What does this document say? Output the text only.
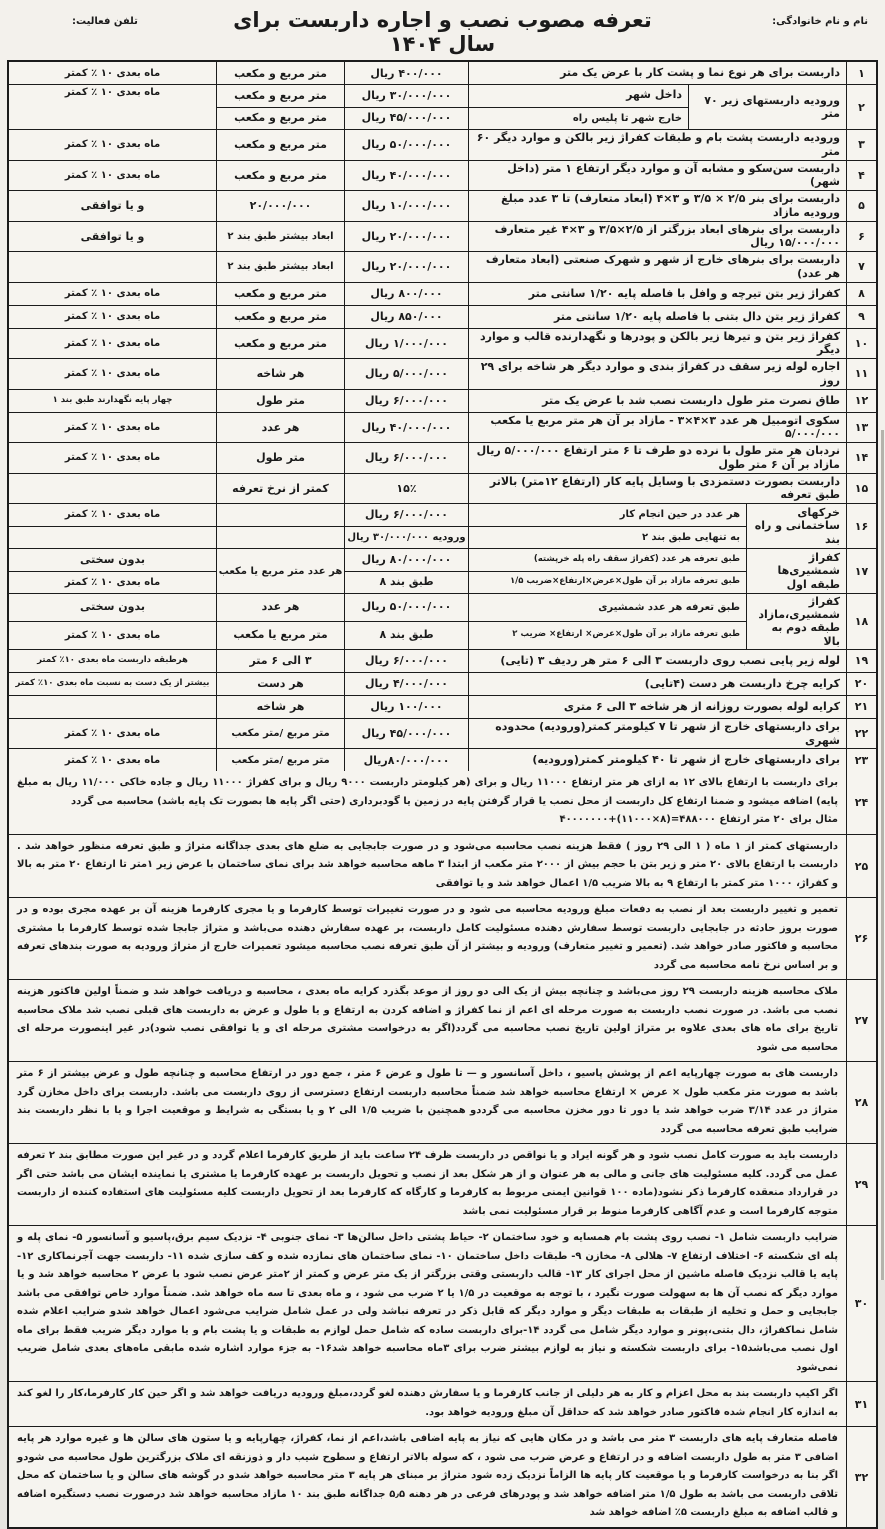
نام و نام خانوادگی:
تعرفه مصوب نصب و اجاره داربست برای سال ۱۴۰۴
تلفن فعالیت:
۱
داربست برای هر نوع نما و پشت کار با عرض یک متر
۴۰۰/۰۰۰ ریال
متر مربع و مکعب
ماه بعدی ۱۰ ٪ کمتر
۲
ورودیه داربستهای زیر ۷۰ متر
داخل شهر
خارج شهر تا پلیس راه
۳۰/۰۰۰/۰۰۰ ریال
۴۵/۰۰۰/۰۰۰ ریال
متر مربع و مکعب
متر مربع و مکعب
ماه بعدی ۱۰ ٪ کمتر
۳
ورودیه داربست پشت بام و طبقات کفراژ زیر بالکن و موارد دیگر ۶۰ متر
۵۰/۰۰۰/۰۰۰ ریال
متر مربع و مکعب
ماه بعدی ۱۰ ٪ کمتر
۴
داربست سن‌سکو و مشابه آن و موارد دیگر ارتفاع ۱ متر (داخل شهر)
۴۰/۰۰۰/۰۰۰ ریال
متر مربع و مکعب
ماه بعدی ۱۰ ٪ کمتر
۵
داربست برای بنر ۲/۵ × ۳/۵ و ۳×۴ (ابعاد متعارف) تا ۳ عدد مبلغ ورودیه مازاد
۱۰/۰۰۰/۰۰۰ ریال
۲۰/۰۰۰/۰۰۰
و یا توافقی
۶
داربست برای بنرهای ابعاد بزرگتر از ۲/۵×۳/۵ و ۳×۴ غیر متعارف ۱۵/۰۰۰/۰۰۰ ریال
۲۰/۰۰۰/۰۰۰ ریال
ابعاد بیشتر طبق بند ۲
و یا توافقی
۷
داربست برای بنرهای خارج از شهر و شهرک صنعتی (ابعاد متعارف هر عدد)
۲۰/۰۰۰/۰۰۰ ریال
ابعاد بیشتر طبق بند ۲
۸
کفراژ زیر بتن تیرچه و وافل با فاصله پایه ۱/۲۰ سانتی متر
۸۰۰/۰۰۰ ریال
متر مربع و مکعب
ماه بعدی ۱۰ ٪ کمتر
۹
کفراژ زیر بتن دال بتنی با فاصله پایه ۱/۲۰ سانتی متر
۸۵۰/۰۰۰ ریال
متر مربع و مکعب
ماه بعدی ۱۰ ٪ کمتر
۱۰
کفراژ زیر بتن و تیرها زیر بالکن و پودرها و نگهدارنده قالب و موارد دیگر
۱/۰۰۰/۰۰۰ ریال
متر مربع و مکعب
ماه بعدی ۱۰ ٪ کمتر
۱۱
اجاره لوله زیر سقف در کفراژ بندی و موارد دیگر هر شاخه برای ۲۹ روز
۵/۰۰۰/۰۰۰ ریال
هر شاخه
ماه بعدی ۱۰ ٪ کمتر
۱۲
طاق نصرت متر طول داربست نصب شد با عرض یک متر
۶/۰۰۰/۰۰۰ ریال
متر طول
چهار پایه نگهدارند طبق بند ۱
۱۳
سکوی اتومبیل هر عدد ۳×۴×۳ - مازاد بر آن هر متر مربع یا مکعب ۵/۰۰۰/۰۰۰
۴۰/۰۰۰/۰۰۰ ریال
هر عدد
ماه بعدی ۱۰ ٪ کمتر
۱۴
نردبان هر متر طول با نرده دو طرف تا ۶ متر ارتفاع ۵/۰۰۰/۰۰۰ ریال مازاد بر آن ۶ متر طول
۶/۰۰۰/۰۰۰ ریال
متر طول
ماه بعدی ۱۰ ٪ کمتر
۱۵
داربست بصورت دستمزدی با وسایل پایه کار (ارتفاع ۱۲متر) بالاتر طبق تعرفه
۱۵٪
کمتر از نرخ تعرفه
۱۶
خرکهای ساختمانی و راه بند
هر عدد در حین انجام کار
به تنهایی طبق بند ۲
۶/۰۰۰/۰۰۰ ریال
ورودیه ۳۰/۰۰۰/۰۰۰ ریال
ماه بعدی ۱۰ ٪ کمتر
۱۷
کفراژ شمشیری‌ها طبقه اول
طبق تعرفه هر عدد (کفراژ سقف راه پله خرپشته)
طبق تعرفه مازاد بر آن طول×عرض×ارتفاع×ضریب ۱/۵
۸۰/۰۰۰/۰۰۰ ریال
طبق بند ۸
هر عدد متر مربع یا مکعب
بدون سختی
ماه بعدی ۱۰ ٪ کمتر
۱۸
کفراژ شمشیری،مازاد طبقه دوم به بالا
طبق تعرفه هر عدد شمشیری
طبق تعرفه مازاد بر آن طول×عرض× ارتفاع× ضریب ۲
۵۰/۰۰۰/۰۰۰ ریال
طبق بند ۸
هر عدد
متر مربع یا مکعب
بدون سختی
ماه بعدی ۱۰ ٪ کمتر
۱۹
لوله زیر پایی نصب روی داربست ۳ الی ۶ متر هر ردیف ۳ (تایی)
۶/۰۰۰/۰۰۰ ریال
۳ الی ۶ متر
هرطبقه داربست ماه بعدی ۱۰٪ کمتر
۲۰
کرایه چرخ داربست هر دست (۴تایی)
۴/۰۰۰/۰۰۰ ریال
هر دست
بیشتر از یک دست به نسبت ماه بعدی ۱۰٪ کمتر
۲۱
کرایه لوله بصورت روزانه از هر شاخه ۳ الی ۶ متری
۱۰۰/۰۰۰ ریال
هر شاخه
۲۲
برای داربستهای خارج از شهر تا ۷ کیلومتر کمتر(ورودیه) محدوده شهری
۴۵/۰۰۰/۰۰۰ ریال
متر مربع /متر مکعب
ماه بعدی ۱۰ ٪ کمتر
۲۳
برای داربستهای خارج از شهر تا ۴۰ کیلومتر کمتر(ورودیه)
۸۰/۰۰۰/۰۰۰ریال
متر مربع /متر مکعب
ماه بعدی ۱۰ ٪ کمتر
۲۴
برای داربست با ارتفاع بالای ۱۲ به ازای هر متر ارتفاع ۱۱۰۰۰ ریال و برای (هر کیلومتر داربست ۹۰۰۰ ریال و برای کفراژ ۱۱۰۰۰ ریال و جاده خاکی ۱۱/۰۰۰ ریال به مبلغ پایه) اضافه میشود و ضمنا ارتفاع کل داربست از محل نصب یا قرار گرفتن پایه در زمین یا گودبرداری (حتی اگر پایه ها بصورت تک پایه باشد) محاسبه می گردد
مثال برای ۲۰ متر ارتفاع ۴۸۸۰۰۰=(۸×۱۱۰۰۰)+۴۰۰۰۰۰۰۰
۲۵
داربستهای کمتر از ۱ ماه ( ۱ الی ۲۹ روز ) فقط هزینه نصب محاسبه می‌شود و در صورت جابجایی به ضلع های بعدی جداگانه متراژ و طبق تعرفه منظور خواهد شد . داربست با ارتفاع بالای ۲۰ متر و زیر بتن با حجم بیش از ۲۰۰۰ متر مکعب از ابتدا ۳ ماهه محاسبه خواهد شد برای نمای ساختمان با عرض زیر ۱متر تا ارتفاع ۲۰ متر به بالا و کفراژ، ۱۰۰۰ متر کمتر با ارتفاع ۹ به بالا ضریب ۱/۵ اعمال خواهد شد و یا توافقی
۲۶
تعمیر و تغییر داربست بعد از نصب به دفعات مبلغ ورودیه محاسبه می شود و در صورت تغییرات توسط کارفرما و یا مجری کارفرما هزینه آن بر عهده مجری بوده و در صورت بروز حادثه در جابجایی داربست توسط سفارش دهنده مسئولیت کامل داربست، بر عهده سفارش دهنده می‌باشد و متراژ جابجا شده توسط کارفرما با مشتری محاسبه و فاکتور صادر خواهد شد. (تعمیر و تغییر متعارف) ورودیه و بیشتر از آن طبق تعرفه نصب محاسبه میشود تعمیرات خارج از متراژ ورودیه به صورت بندهای تعرفه و بر اساس نرخ نامه محاسبه می گردد
۲۷
ملاک محاسبه هزینه داربست ۲۹ روز می‌باشد و چنانچه بیش از یک الی دو روز از موعد بگذرد کرایه ماه بعدی ، محاسبه و دریافت خواهد شد و ضمناً اولین فاکتور هزینه نصب می باشد. در صورت نصب داربست به صورت مرحله ای اعم از نما کفراژ و اضافه کردن به ارتفاع و یا طول و عرض به داربست های قبلی نصب شد ملاک محاسبه تاریخ برای ماه های بعدی علاوه بر متراژ اولین تاریخ نصب محاسبه می گردد(اگر به درخواست مشتری مرحله ای و یا توافقی نصب شود)در غیر اینصورت مرحله ای محاسبه می شود
۲۸
داربست های به صورت چهارپایه اعم از پوشش پاسیو ، داخل آسانسور و — تا طول و عرض ۶ متر ، جمع دور در ارتفاع محاسبه و چنانچه طول و عرض بیشتر از ۶ متر باشد به صورت متر مکعب طول × عرض × ارتفاع محاسبه خواهد شد ضمناً محاسبه داربست ارتفاع دسترسی از روی داربست می باشد. داربست برای داخل مخازن گرد متراژ در عدد ۳/۱۴ ضرب خواهد شد یا دور تا دور مخزن محاسبه می گرددو همچنین با ضریب ۱/۵ الی ۲ و یا بستگی به شرایط و موقعیت اجرا و یا با نظر داربست بند ضرایب طبق تعرفه محاسبه می گردد
۲۹
داربست باید به صورت کامل نصب شود و هر گونه ایراد و یا نواقص در داربست ظرف ۲۴ ساعت باید از طریق کارفرما اعلام گردد و در غیر این صورت مطابق بند ۲ تعرفه عمل می گردد. کلیه مسئولیت های جانی و مالی به هر عنوان و از هر شکل بعد از نصب و تحویل داربست بر عهده کارفرما یا مشتری یا نماینده ایشان می باشد حتی اگر در قرارداد منعقده کارفرما ذکر نشود(ماده ۱۰۰ قوانین ایمنی مربوط به کارفرما و کارگاه که کارفرما بعد از تحویل داربست کلیه مسئولیت های استفاده کننده از داربست متوجه کارفرما است و عدم آگاهی کارفرما منوط بر قرار مسئولیت نمی باشد
۳۰
ضرایب داربست شامل ۱- نصب روی پشت بام همسایه و خود ساختمان ۲- حیاط پشتی داخل سالن‌ها ۳- نمای جنوبی ۴- نزدیک سیم برق،پاسیو و آسانسور ۵- نمای پله و پله ای شکسته ۶- اختلاف ارتفاع ۷- هلالی ۸- مخازن ۹- طبقات داخل ساختمان ۱۰- نمای ساختمان های نمازده شده و کف سازی شده ۱۱- داربست جهت آجرنماکاری ۱۲- پایه یا قالب نزدیک فاصله ماشین از محل اجرای کار ۱۳- قالب داربستی وقتی بزرگتر از یک متر عرض و کمتر از ۲متر عرض نصب شود با عرض ۲ محاسبه خواهد شد و یا موارد دیگر که نصب آن ها به سهولت صورت نگیرد ، با توجه به موقعیت در ۱/۵ یا ۲ ضرب می شود ، و ماه بعدی تا سه ماه خواهد شد. ضمناً موارد خاص توافقی می باشد جابجایی و حمل و تخلیه از طبقات به طبقات دیگر و موارد دیگر که قابل ذکر در تعرفه نباشد ولی در عمل شامل ضرایب می‌شود اعمال خواهد شدو ضرایب اعلام شده شامل نماکفراژ، دال بتنی،پونر و موارد دیگر شامل می گردد ۱۴-برای داربست ساده که شامل حمل لوازم به طبقات و یا پشت بام و یا موارد دیگر ضریب فقط برای ماه اول نصب می‌باشد۱۵- برای داربست شکسته و نیاز به لوازم بیشتر ضرب برای ۳ماه محاسبه خواهد شد۱۶- به جزء موارد اشاره شده مابقی ماه‌های بعدی شامل ضریب نمی‌شود
۳۱
اگر اکیپ داربست بند به محل اعزام و کار به هر دلیلی از جانب کارفرما و یا سفارش دهنده لغو گردد،مبلغ ورودیه دریافت خواهد شد و اگر حین کار کارفرما،کار را لغو کند به اندازه کار انجام شده فاکتور صادر خواهد شد که حداقل آن مبلغ ورودیه خواهد بود.
۳۲
فاصله متعارف پایه های داربست ۳ متر می باشد و در مکان هایی که نیاز به پایه اضافی باشد،اعم از نما، کفراژ، چهارپایه و یا ستون های سالن ها و غیره موارد هر پایه اضافی ۳ متر به طول داربست اضافه و در ارتفاع و عرض ضرب می شود ، که سوله بالاتر ارتفاع و سطوح شیب دار و ذوزنقه ای ملاک بزرگترین طول محاسبه می شودو اگر بنا به درخواست کارفرما و یا موقعیت کار پایه ها الزاماً نزدیک زده شود متراژ بر مبنای هر پایه ۳ متر محاسبه خواهد شدو در گوشه های سالن و یا ساختمان که محل تلاقی داربست می باشد به طول ۱/۵ متر اضافه خواهد شد و پودرهای فرعی در هر دهنه ۵٫۵ جداگانه طبق بند ۱۰ مازاد محاسبه خواهد شد درصورت نصب دستگیره اضافه و قالب اضافه به مبلغ داربست ۵٪ اضافه خواهد شد
